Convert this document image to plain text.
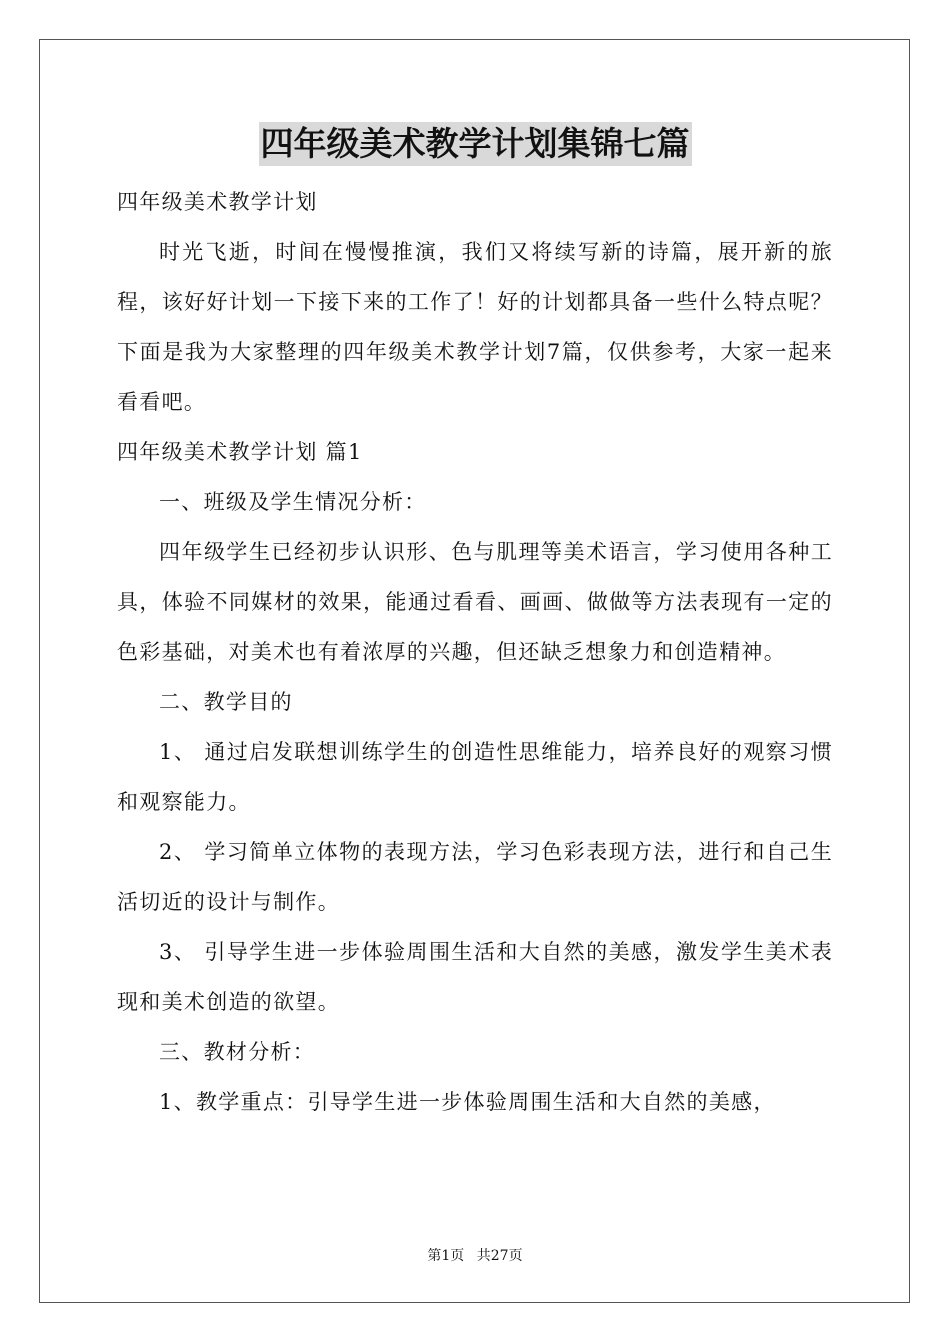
四年级美术教学计划集锦七篇
四年级美术教学计划
时光飞逝，时间在慢慢推演，我们又将续写新的诗篇，展开新的旅程，该好好计划一下接下来的工作了！好的计划都具备一些什么特点呢？下面是我为大家整理的四年级美术教学计划7篇，仅供参考，大家一起来看看吧。
四年级美术教学计划 篇1
一、班级及学生情况分析：
四年级学生已经初步认识形、色与肌理等美术语言，学习使用各种工具，体验不同媒材的效果，能通过看看、画画、做做等方法表现有一定的色彩基础，对美术也有着浓厚的兴趣，但还缺乏想象力和创造精神。
二、教学目的
1、 通过启发联想训练学生的创造性思维能力，培养良好的观察习惯和观察能力。
2、 学习简单立体物的表现方法，学习色彩表现方法，进行和自己生活切近的设计与制作。
3、 引导学生进一步体验周围生活和大自然的美感，激发学生美术表现和美术创造的欲望。
三、教材分析：
1、教学重点：引导学生进一步体验周围生活和大自然的美感，
第1页 共27页
